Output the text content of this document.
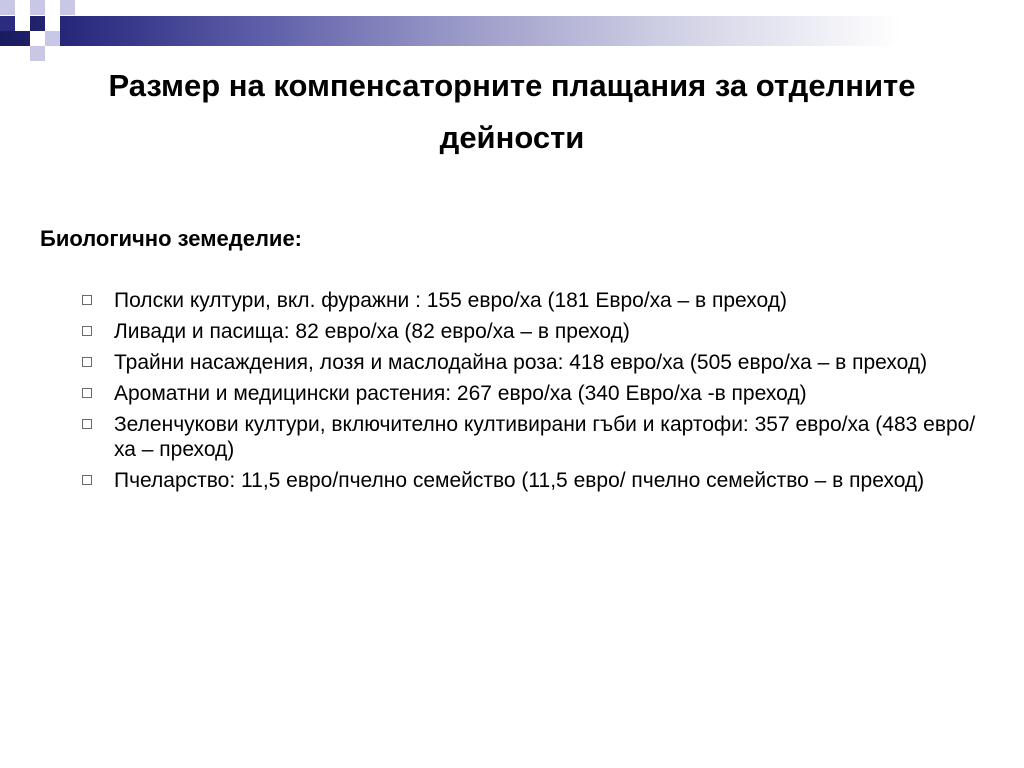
Размер на компенсаторните плащания за отделните дейности
Биологично земеделие:
Полски култури, вкл. фуражни : 155 евро/ха (181 Евро/ха – в преход)
Ливади и пасища: 82 евро/ха (82 евро/ха – в преход)
Трайни насаждения, лозя и маслодайна роза: 418 евро/ха (505 евро/ха – в преход)
Ароматни и медицински растения: 267 евро/ха (340 Евро/ха -в преход)
Зеленчукови култури, включително култивирани гъби и картофи: 357 евро/ха (483 евро/ха – преход)
Пчеларство: 11,5 евро/пчелно семейство (11,5 евро/ пчелно семейство – в преход)
